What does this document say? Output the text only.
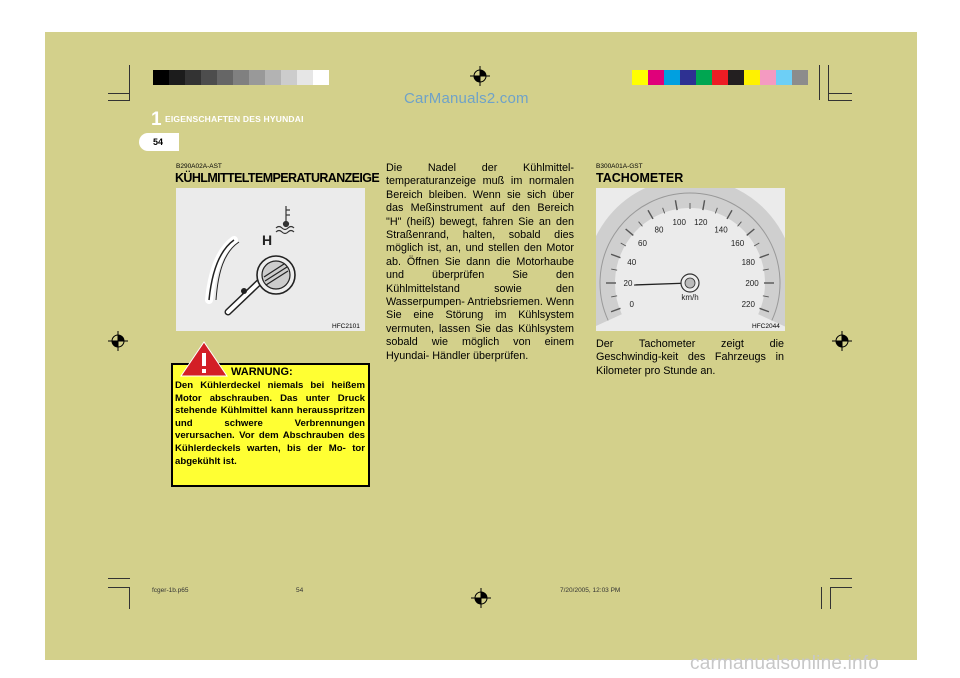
CarManuals2.com
1 EIGENSCHAFTEN DES HYUNDAI
54
B290A02A-AST
KÜHLMITTELTEMPERATURANZEIGE
H
HFC2101
WARNUNG:
Den Kühlerdeckel niemals bei heißem Motor abschrauben. Das unter Druck stehende Kühlmittel kann herausspritzen und schwere Verbrennungen verursachen. Vor dem Abschrauben des Kühlerdeckels warten, bis der Mo- tor abgekühlt ist.
Die Nadel der Kühlmittel- temperaturanzeige muß im normalen Bereich bleiben. Wenn sie sich über das Meßinstrument auf den Bereich "H" (heiß) bewegt, fahren Sie an den Straßenrand, halten, sobald dies möglich ist, an, und stellen den Motor ab. Öffnen Sie dann die Motorhaube und überprüfen Sie den Kühlmittelstand sowie den Wasserpumpen- Antriebsriemen. Wenn Sie eine Störung im Kühlsystem vermuten, lassen Sie das Kühlsystem sobald wie möglich von einem Hyundai- Händler überprüfen.
B300A01A-GST
TACHOMETER
0
20
40
60
80
100 120
140
160
180
200
220
km/h
HFC2044
Der Tachometer zeigt die Geschwindig-keit des Fahrzeugs in Kilometer pro Stunde an.
fcger-1b.p65	54	7/20/2005, 12:03 PM
carmanualsonline.info
